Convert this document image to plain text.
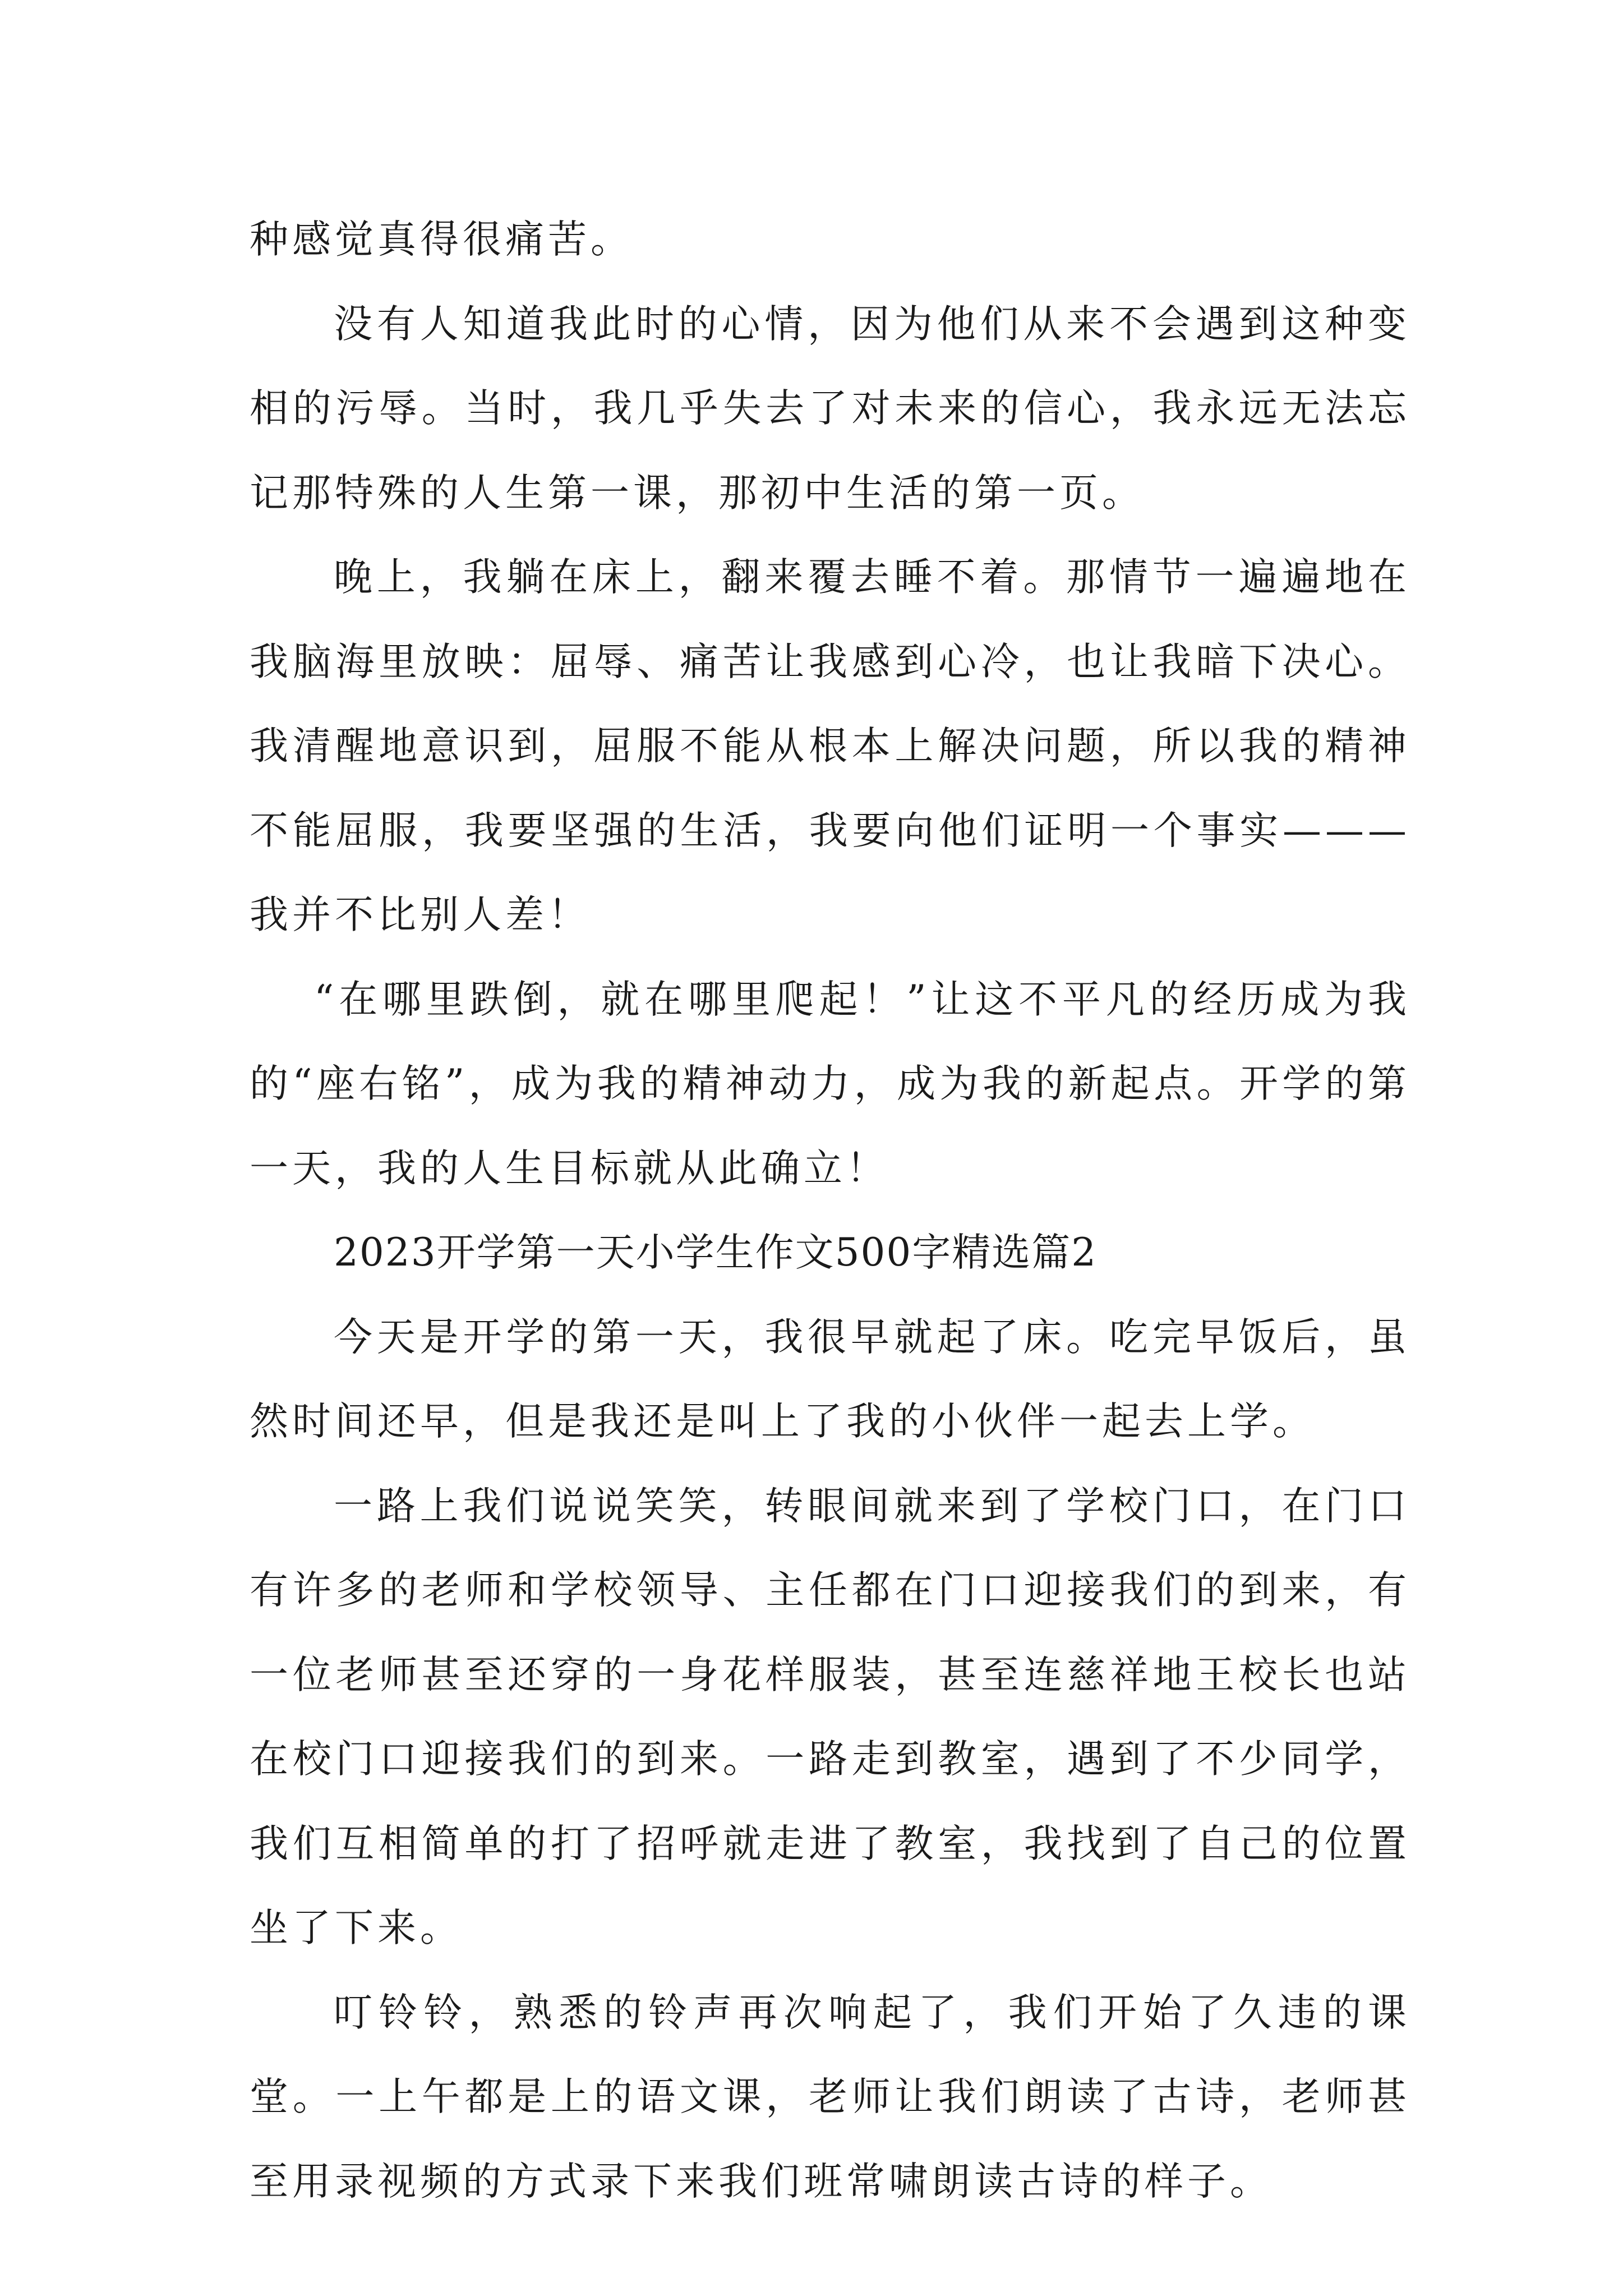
种感觉真得很痛苦。

没有人知道我此时的心情，因为他们从来不会遇到这种变相的污辱。当时，我几乎失去了对未来的信心，我永远无法忘记那特殊的人生第一课，那初中生活的第一页。

晚上，我躺在床上，翻来覆去睡不着。那情节一遍遍地在我脑海里放映：屈辱、痛苦让我感到心冷，也让我暗下决心。我清醒地意识到，屈服不能从根本上解决问题，所以我的精神不能屈服，我要坚强的生活，我要向他们证明一个事实———我并不比别人差！

“在哪里跌倒，就在哪里爬起！”让这不平凡的经历成为我的“座右铭”，成为我的精神动力，成为我的新起点。开学的第一天，我的人生目标就从此确立！

2023开学第一天小学生作文500字精选篇2

今天是开学的第一天，我很早就起了床。吃完早饭后，虽然时间还早，但是我还是叫上了我的小伙伴一起去上学。

一路上我们说说笑笑，转眼间就来到了学校门口，在门口有许多的老师和学校领导、主任都在门口迎接我们的到来，有一位老师甚至还穿的一身花样服装，甚至连慈祥地王校长也站在校门口迎接我们的到来。一路走到教室，遇到了不少同学，我们互相简单的打了招呼就走进了教室，我找到了自己的位置坐了下来。

叮铃铃，熟悉的铃声再次响起了，我们开始了久违的课堂。一上午都是上的语文课，老师让我们朗读了古诗，老师甚至用录视频的方式录下来我们班常啸朗读古诗的样子。
